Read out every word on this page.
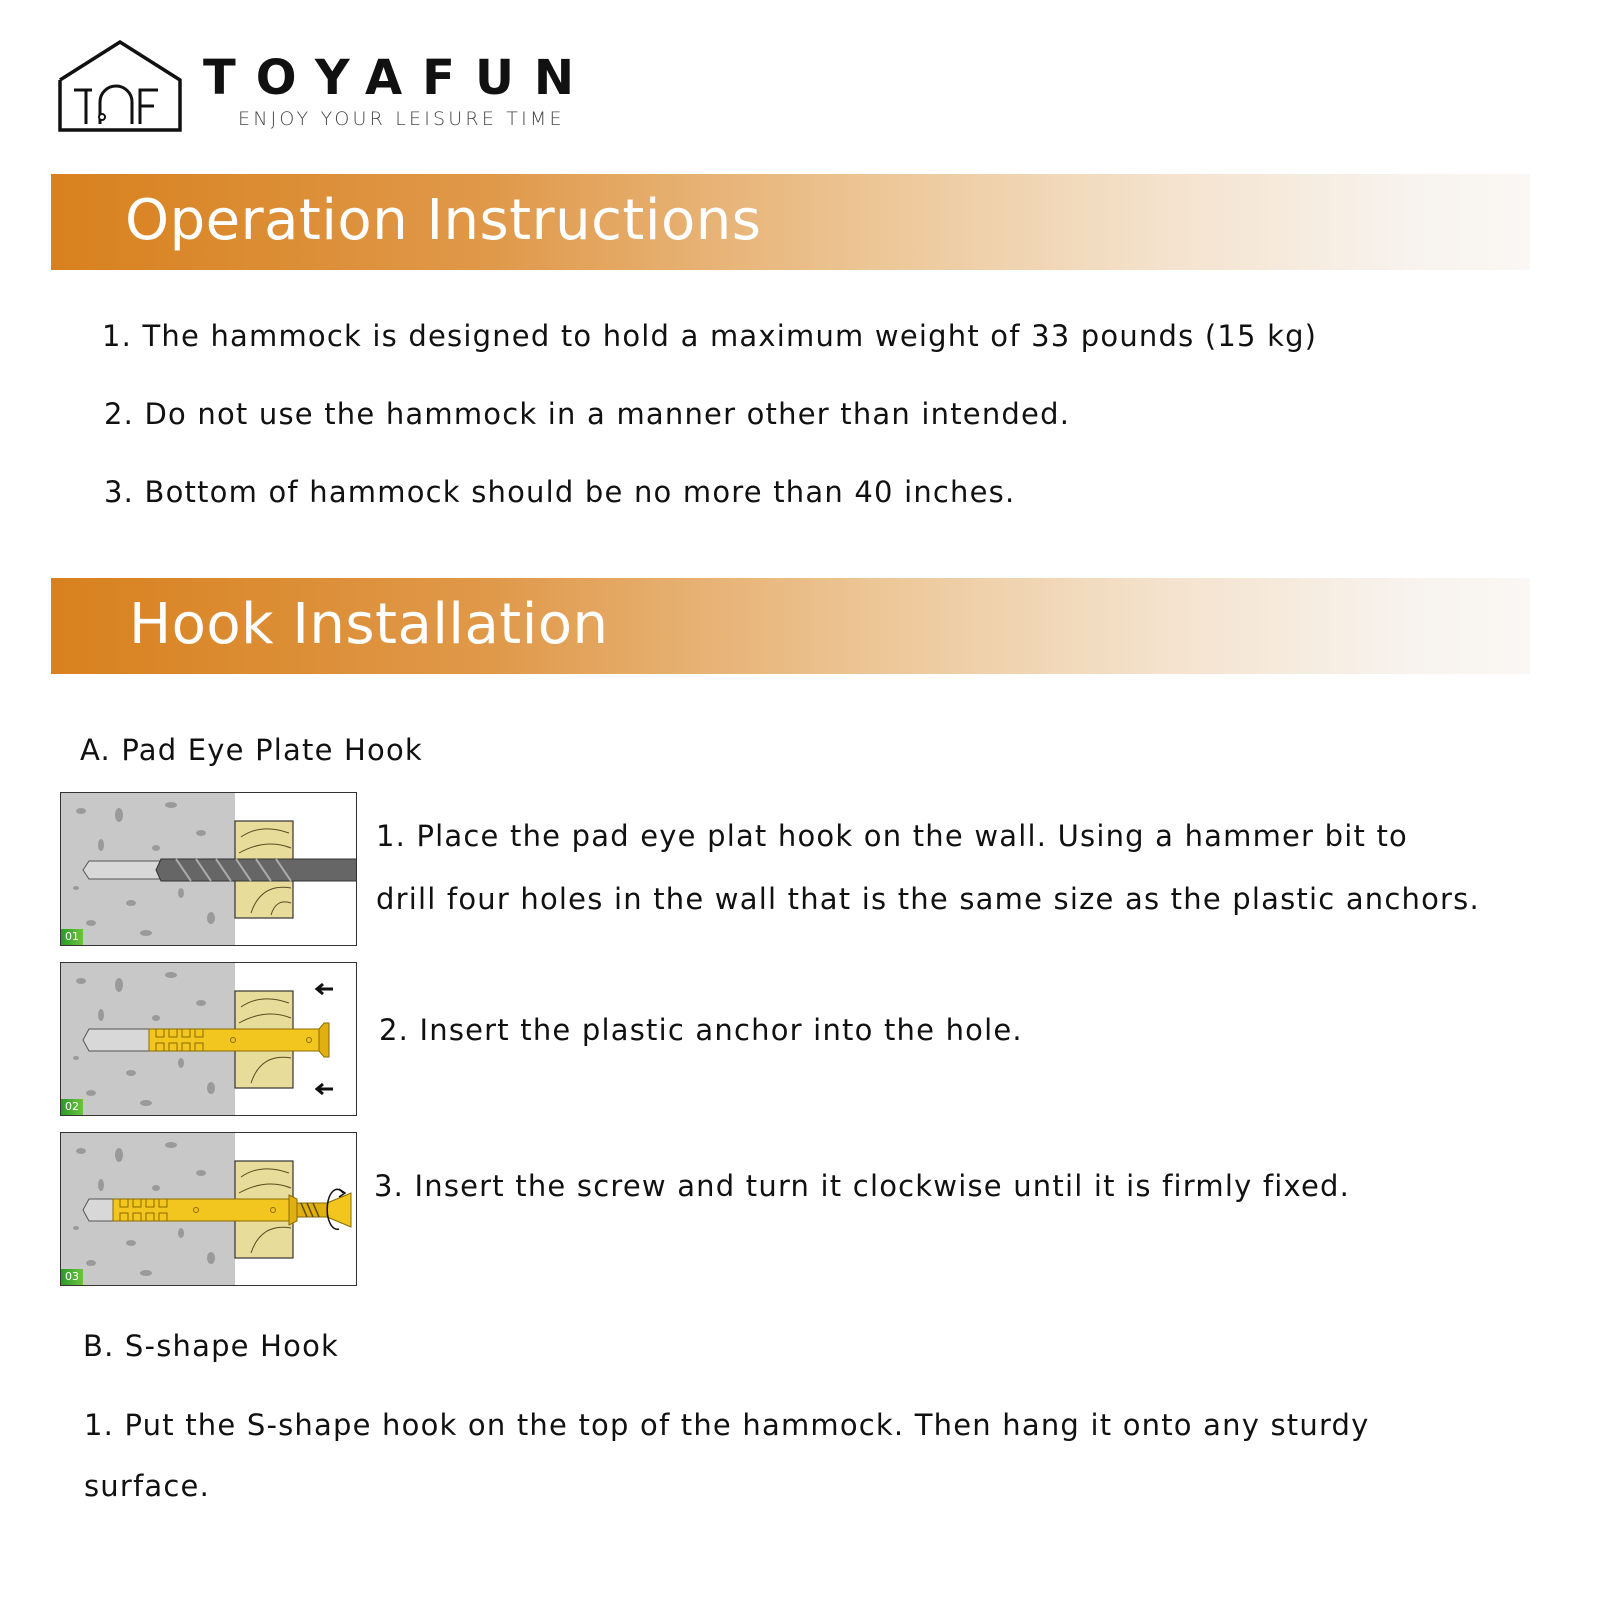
TOYAFUN
ENJOY YOUR LEISURE TIME
Operation Instructions
1. The hammock is designed to hold a maximum weight of 33 pounds (15 kg)
2. Do not use the hammock in a manner other than intended.
3. Bottom of hammock should be no more than 40 inches.
Hook Installation
A. Pad Eye Plate Hook
01
1. Place the pad eye plat hook on the wall. Using a hammer bit to
drill four holes in the wall that is the same size as the plastic anchors.
02
2. Insert the plastic anchor into the hole.
03
3. Insert the screw and turn it clockwise until it is firmly fixed.
B. S-shape Hook
1. Put the S-shape hook on the top of the hammock. Then hang it onto any sturdy
surface.
